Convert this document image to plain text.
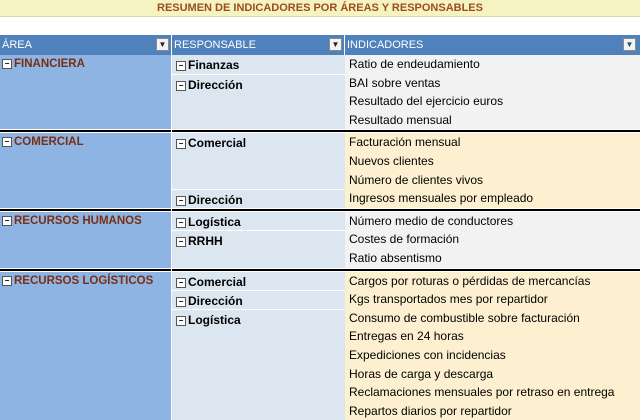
RESUMEN DE INDICADORES POR ÁREAS Y RESPONSABLES
ÁREA	▼ RESPONSABLE	▼ INDICADORES	▼
− FINANCIERA	− Finanzas	Ratio de endeudamiento
− Dirección	BAI sobre ventas
Resultado del ejercicio euros
Resultado mensual
− COMERCIAL	− Comercial	Facturación mensual
Nuevos clientes
Número de clientes vivos
− Dirección	Ingresos mensuales por empleado
− RECURSOS HUMANOS	− Logística	Número medio de conductores
− RRHH	Costes de formación
Ratio absentismo
− RECURSOS LOGÍSTICOS	− Comercial	Cargos por roturas o pérdidas de mercancías
− Dirección	Kgs transportados mes por repartidor
− Logística	Consumo de combustible sobre facturación
Entregas en 24 horas
Expediciones con incidencias
Horas de carga y descarga
Reclamaciones mensuales por retraso en entrega
Repartos diarios por repartidor
